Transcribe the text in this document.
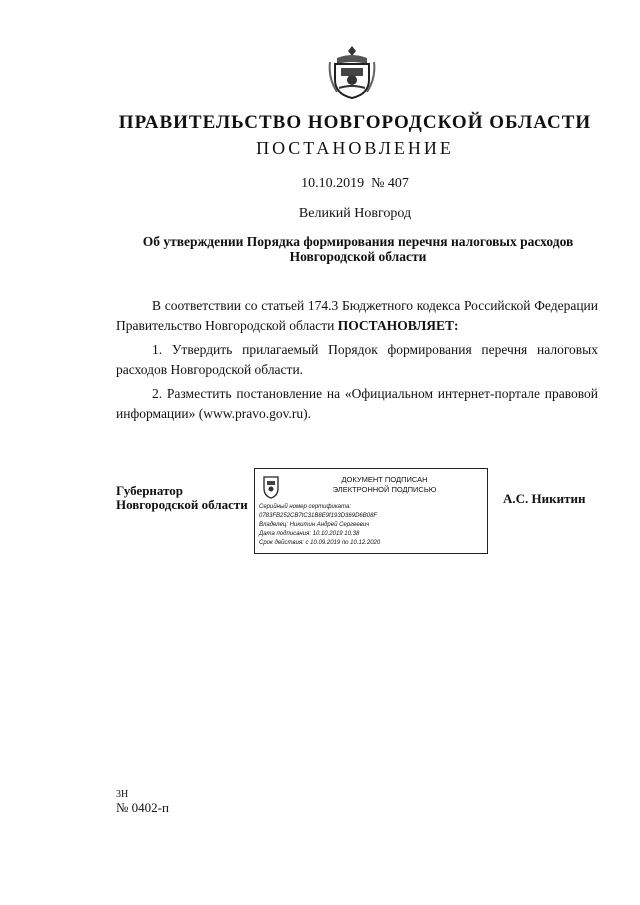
ПРАВИТЕЛЬСТВО НОВГОРОДСКОЙ ОБЛАСТИ
ПОСТАНОВЛЕНИЕ
10.10.2019 № 407
Великий Новгород
Об утверждении Порядка формирования перечня налоговых расходов Новгородской области

В соответствии со статьей 174.3 Бюджетного кодекса Российской Федерации Правительство Новгородской области ПОСТАНОВЛЯЕТ:

1. Утвердить прилагаемый Порядок формирования перечня налоговых расходов Новгородской области.

2. Разместить постановление на «Официальном интернет-портале правовой информации» (www.pravo.gov.ru).

Губернатор
Новгородской области
ДОКУМЕНТ ПОДПИСАН
ЭЛЕКТРОННОЙ ПОДПИСЬЮ
Серийный номер сертификата:
0783FB252CB7tC31B8E9f193D369D6B08F
Владелец: Никитин Андрей Сергеевич
Дата подписания: 10.10.2019 10.38
Срок действия: с 10.09.2019 по 10.12.2020
А.С. Никитин
3Н
№ 0402-п
